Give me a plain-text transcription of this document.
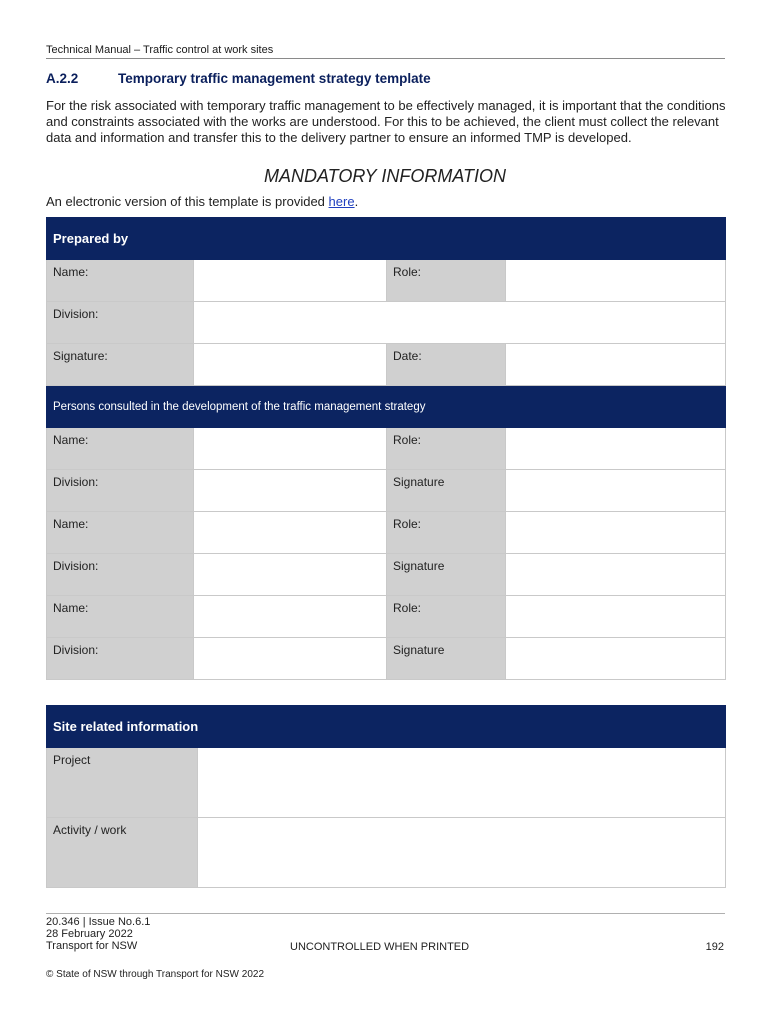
Technical Manual – Traffic control at work sites
A.2.2	Temporary traffic management strategy template

For the risk associated with temporary traffic management to be effectively managed, it is important that the conditions and constraints associated with the works are understood. For this to be achieved, the client must collect the relevant data and information and transfer this to the delivery partner to ensure an informed TMP is developed.

MANDATORY INFORMATION
An electronic version of this template is provided here.
Prepared by			
Name:		Role:	
Division:			
Signature:		Date:	
Persons consulted in the development of the traffic management strategy			
Name:		Role:	
Division:		Signature	
Name:		Role:	
Division:		Signature	
Name:		Role:	
Division:		Signature	
Site related information	
Project	
Activity / work	
20.346 | Issue No.6.1
28 February 2022
Transport for NSW	UNCONTROLLED WHEN PRINTED	192
© State of NSW through Transport for NSW 2022
